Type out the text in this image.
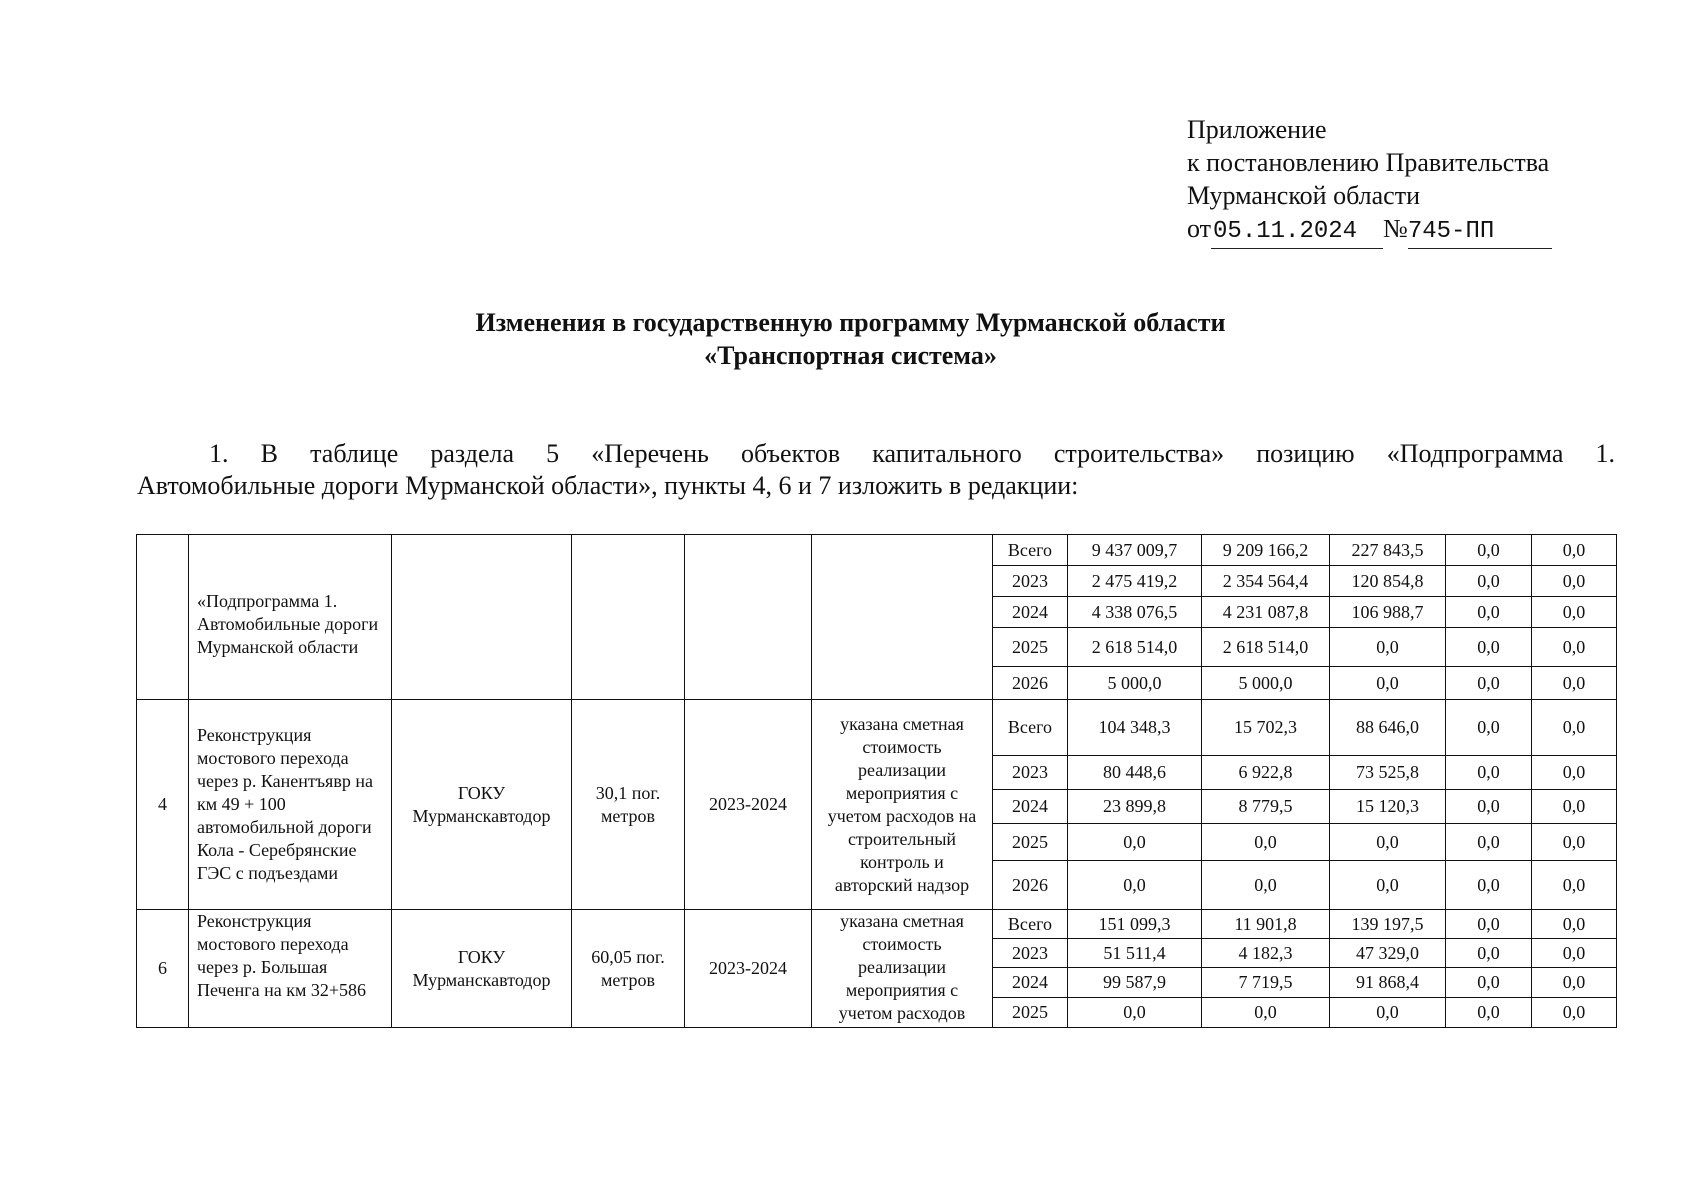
Приложение
к постановлению Правительства
Мурманской области
от05.11.2024 №745-ПП
Изменения в государственную программу Мурманской области
«Транспортная система»
1. В таблице раздела 5 «Перечень объектов капитального строительства» позицию «Подпрограмма 1.
Автомобильные дороги Мурманской области», пункты 4, 6 и 7 изложить в редакции:
	«Подпрограмма 1. Автомобильные дороги Мурманской области					Всего	9 437 009,7	9 209 166,2	227 843,5	0,0	0,0
						2023	2 475 419,2	2 354 564,4	120 854,8	0,0	0,0
						2024	4 338 076,5	4 231 087,8	106 988,7	0,0	0,0
						2025	2 618 514,0	2 618 514,0	0,0	0,0	0,0
						2026	5 000,0	5 000,0	0,0	0,0	0,0
4	Реконструкция мостового перехода через р. Канентъявр на км 49 + 100 автомобильной дороги Кола - Серебрянские ГЭС с подъездами	ГОКУ Мурманскавтодор	30,1 пог. метров	2023-2024	указана сметная стоимость реализации мероприятия с учетом расходов на строительный контроль и авторский надзор	Всего	104 348,3	15 702,3	88 646,0	0,0	0,0
						2023	80 448,6	6 922,8	73 525,8	0,0	0,0
						2024	23 899,8	8 779,5	15 120,3	0,0	0,0
						2025	0,0	0,0	0,0	0,0	0,0
						2026	0,0	0,0	0,0	0,0	0,0
6	Реконструкция мостового перехода через р. Большая Печенга на км 32+586	ГОКУ Мурманскавтодор	60,05 пог. метров	2023-2024	указана сметная стоимость реализации мероприятия с учетом расходов	Всего	151 099,3	11 901,8	139 197,5	0,0	0,0
						2023	51 511,4	4 182,3	47 329,0	0,0	0,0
						2024	99 587,9	7 719,5	91 868,4	0,0	0,0
						2025	0,0	0,0	0,0	0,0	0,0
